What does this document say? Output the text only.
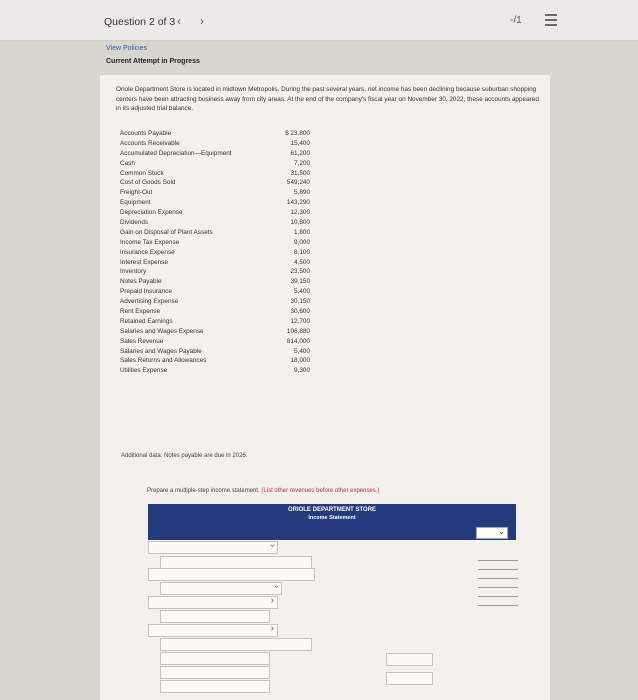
Question 2 of 3 ‹ ›	-/1
View Policies
Current Attempt in Progress
Oriole Department Store is located in midtown Metropolis. During the past several years, net income has been declining because suburban shopping centers have been attracting business away from city areas. At the end of the company's fiscal year on November 30, 2022, these accounts appeared in its adjusted trial balance.
Accounts Payable	$ 23,800
Accounts Receivable	15,400
Accumulated Depreciation—Equipment	61,200
Cash	7,200
Common Stock	31,500
Cost of Goods Sold	549,240
Freight-Out	5,890
Equipment	143,290
Depreciation Expense	12,300
Dividends	10,800
Gain on Disposal of Plant Assets	1,800
Income Tax Expense	9,000
Insurance Expense	8,100
Interest Expense	4,500
Inventory	23,500
Notes Payable	39,150
Prepaid Insurance	5,400
Advertising Expense	30,150
Rent Expense	30,600
Retained Earnings	12,700
Salaries and Wages Expense	106,880
Sales Revenue	814,000
Salaries and Wages Payable	5,400
Sales Returns and Allowances	18,000
Utilities Expense	9,300
Additional data: Notes payable are due in 2026.
Prepare a multiple-step income statement. (List other revenues before other expenses.)
ORIOLE DEPARTMENT STORE
Income Statement
⌄
›
›
›
›
